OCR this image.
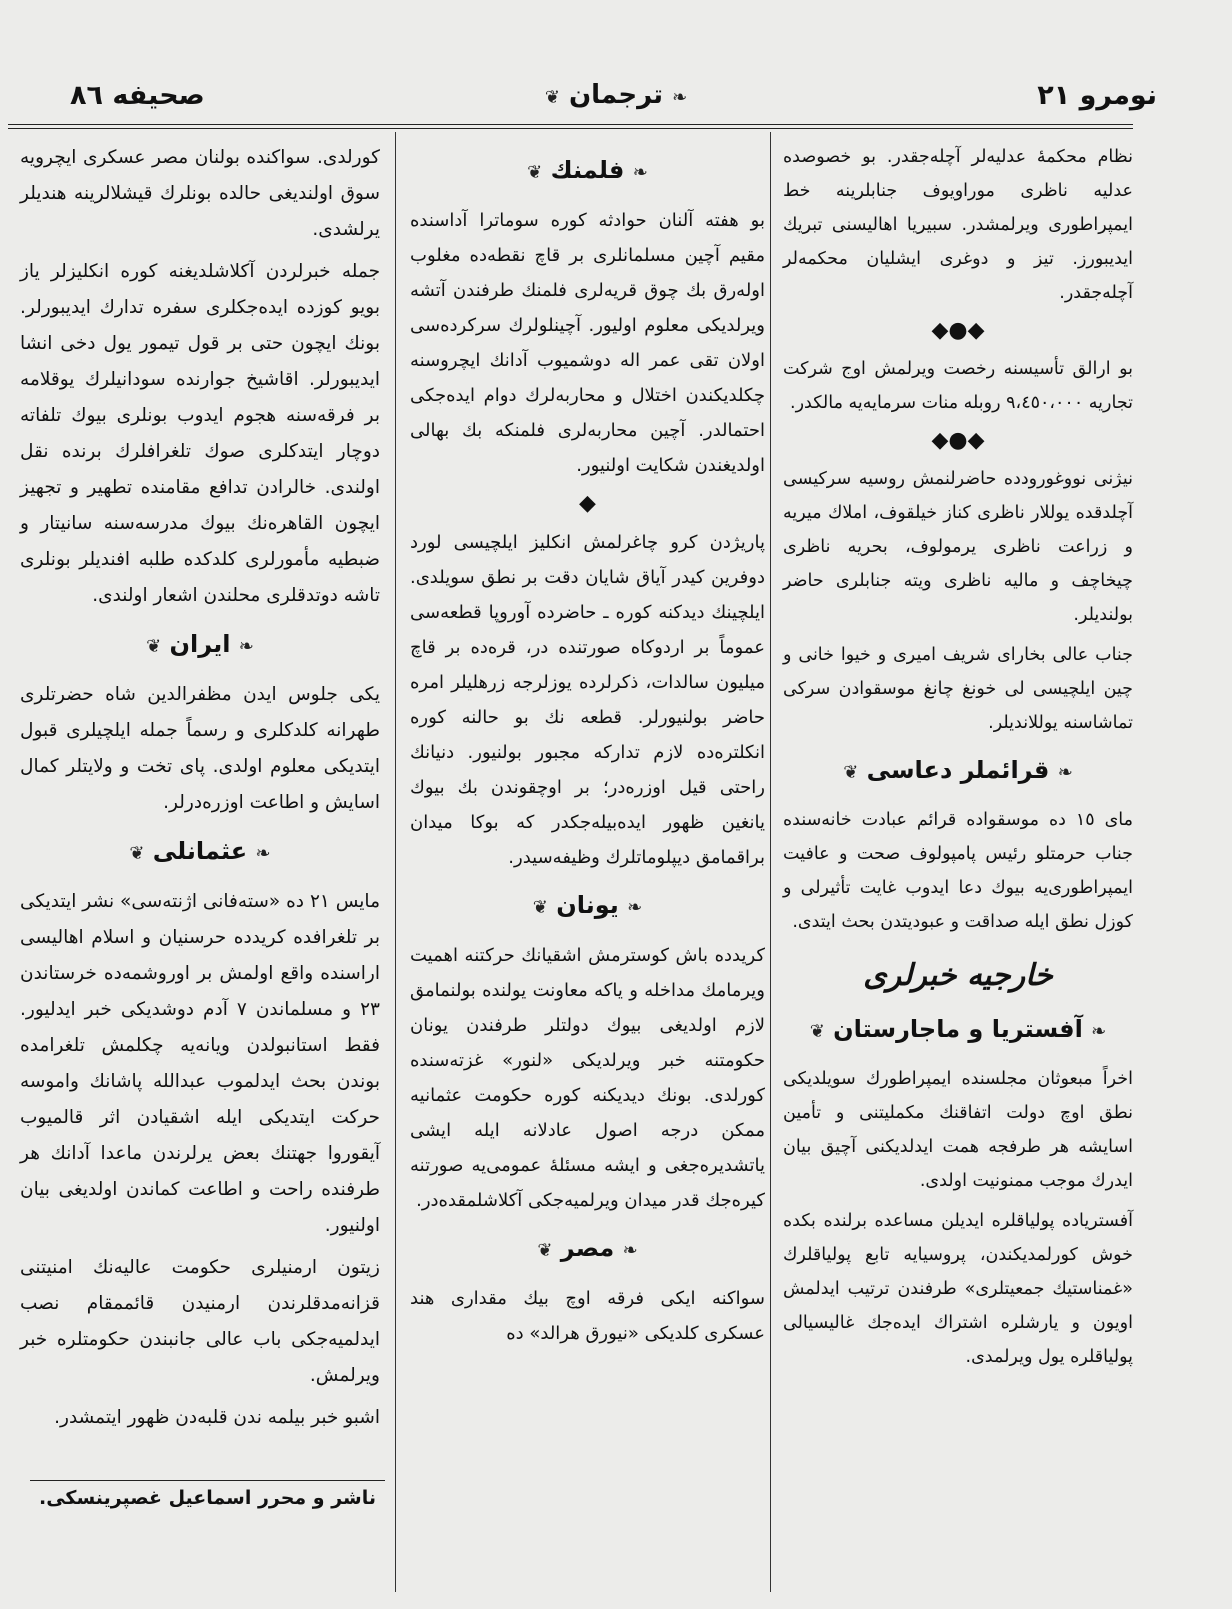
نومرو ٢١
❧ ترجمان ❦
صحیفه ٨٦

نظام محکمهٔ عدلیه‌لر آچله‌جقدر. بو خصوصده عدلیه ناظری موراویوف جنابلرینه خط ایمپراطوری ویرلمشدر. سبیریا اهالیسنی تبریك ایدیبورز. تیز و دوغری ایشلیان محکمه‌لر آچله‌جقدر.

◆●◆

بو ارالق تأسیسنه رخصت ویرلمش اوج شرکت تجاریه ٩،٤٥٠،٠٠٠ روبله منات سرمایه‌یه مالکدر.

◆●◆

نیژنی نووغورودده حاضرلنمش روسیه سرکیسی آچلدقده یوللار ناظری کناز خیلقوف، املاك میریه و زراعت ناظری یرمولوف، بحریه ناظری چیخاچف و مالیه ناظری ویته جنابلری حاضر بولندیلر.

جناب عالی بخارای شریف امیری و خیوا خانی و چین ایلچیسی لی خونغ چانغ موسقوادن سرکی تماشاسنه یوللاندیلر.

❧ قرائملر دعاسی ❦

مای ١٥ ده موسقواده قرائم عبادت خانه‌سنده جناب حرمتلو رئیس پامپولوف صحت و عافیت ایمپراطوری‌یه بیوك دعا ایدوب غایت تأثیرلی و کوزل نطق ایله صداقت و عبودیتدن بحث ایتدی.

خارجیه خبرلری
❧ آفستریا و ماجارستان ❦

اخراً مبعوثان مجلسنده ایمپراطورك سویلدیکی نطق اوچ دولت اتفاقنك مکملیتنی و تأمین اسایشه هر طرفجه همت ایدلدیکنی آچیق بیان ایدرك موجب ممنونیت اولدی.

آفستریاده پولیاقلره ایدیلن مساعده برلنده بکده خوش کورلمدیکندن، پروسیایه تابع پولیاقلرك «غمناستیك جمعیتلری» طرفندن ترتیب ایدلمش اویون و یارشلره اشتراك ایده‌جك غالیسیالی پولیاقلره یول ویرلمدی.

❧ فلمنك ❦

بو هفته آلنان حوادثه کوره سوماترا آداسنده مقیم آچین مسلمانلری بر قاچ نقطه‌ده مغلوب اوله‌رق بك چوق قریه‌لری فلمنك طرفندن آتشه ویرلدیکی معلوم اولیور. آچینلولرك سرکرده‌سی اولان تقی عمر اله دوشمیوب آدانك ایچروسنه چکلدیکندن اختلال و محاربه‌لرك دوام ایده‌جکی احتمالدر. آچین محاربه‌لری فلمنکه بك بهالی اولدیغندن شکایت اولنیور.

◆

پاریژدن کرو چاغرلمش انکلیز ایلچیسی لورد دوفرین کیدر آیاق شایان دقت بر نطق سویلدی. ایلچینك دیدکنه کوره ـ حاضرده آوروپا قطعه‌سی عموماً بر اردوکاه صورتنده در، قرەده بر قاچ میلیون سالدات، ذکرلرده یوزلرجه زرهلیلر امره حاضر بولنیورلر. قطعه نك بو حالنه کوره انکلتره‌ده لازم تدارکه مجبور بولنیور. دنیانك راحتی قیل اوزره‌در؛ بر اوچقوندن بك بیوك یانغین ظهور ایده‌بیله‌جکدر که بوکا میدان براقمامق دیپلوماتلرك وظیفه‌سیدر.

❧ یونان ❦

کریدده باش کوسترمش اشقیانك حرکتنه اهمیت ویرمامك مداخله و یاکه معاونت یولنده بولنمامق لازم اولدیغی بیوك دولتلر طرفندن یونان حکومتنه خبر ویرلدیکی «لنور» غزته‌سنده کورلدی. بونك دیدیکنه کوره حکومت عثمانیه ممکن درجه اصول عادلانه ایله ایشی یاتشدیره‌جغی و ایشه مسئلهٔ عمومی‌یه صورتنه کیره‌جك قدر میدان ویرلمیه‌جکی آکلاشلمقده‌در.

❧ مصر ❦

سواکنه ایکی فرقه اوچ بیك مقداری هند عسکری کلدیکی «نیورق هرالد» ده

کورلدی. سواکنده بولنان مصر عسکری ایچرویه سوق اولندیغی حالده بونلرك قیشلالرینه هندیلر یرلشدی.

جمله خبرلردن آکلاشلدیغنه کوره انکلیزلر یاز بویو کوزده ایده‌جکلری سفره تدارك ایدیبورلر. بونك ایچون حتی بر قول تیمور یول دخی انشا ایدیبورلر. اقاشیخ جوارنده سودانیلرك یوقلامه بر فرقه‌سنه هجوم ایدوب بونلری بیوك تلفاته دوچار ایتدکلری صوك تلغرافلرك برنده نقل اولندی. خالرادن تدافع مقامنده تطهیر و تجهیز ایچون القاهره‌نك بیوك مدرسه‌سنه سانیتار و ضبطیه مأمورلری کلدکده طلبه افندیلر بونلری تاشه دوتدقلری محلندن اشعار اولندی.

❧ ایران ❦

یکی جلوس ایدن مظفرالدین شاه حضرتلری طهرانه کلدکلری و رسماً جمله ایلچیلری قبول ایتدیکی معلوم اولدی. پای تخت و ولایتلر کمال اسایش و اطاعت اوزره‌درلر.

❧ عثمانلی ❦

مایس ٢١ ده «ستەفانی اژنتەسی» نشر ایتدیکی بر تلغرافده کریدده حرسنیان و اسلام اهالیسی اراسنده واقع اولمش بر اوروشمه‌ده خرستاندن ٢٣ و مسلماندن ٧ آدم دوشدیکی خبر ایدلیور. فقط استانبولدن ویانه‌یه چکلمش تلغرامده بوندن بحث ایدلموب عبدالله پاشانك واموسه حرکت ایتدیکی ایله اشقیادن اثر قالمیوب آیقوروا جهتنك بعض یرلرندن ماعدا آدانك هر طرفنده راحت و اطاعت کماندن اولدیغی بیان اولنیور.

زیتون ارمنیلری حکومت عالیه‌نك امنیتنی قزانه‌مدقلرندن ارمنیدن قائممقام نصب ایدلمیه‌جکی باب عالی جانبندن حکومتلره خبر ویرلمش.

اشبو خبر بیلمه ندن قلبه‌دن ظهور ایتمشدر.

ناشر و محرر اسماعیل غصپرینسکی.
